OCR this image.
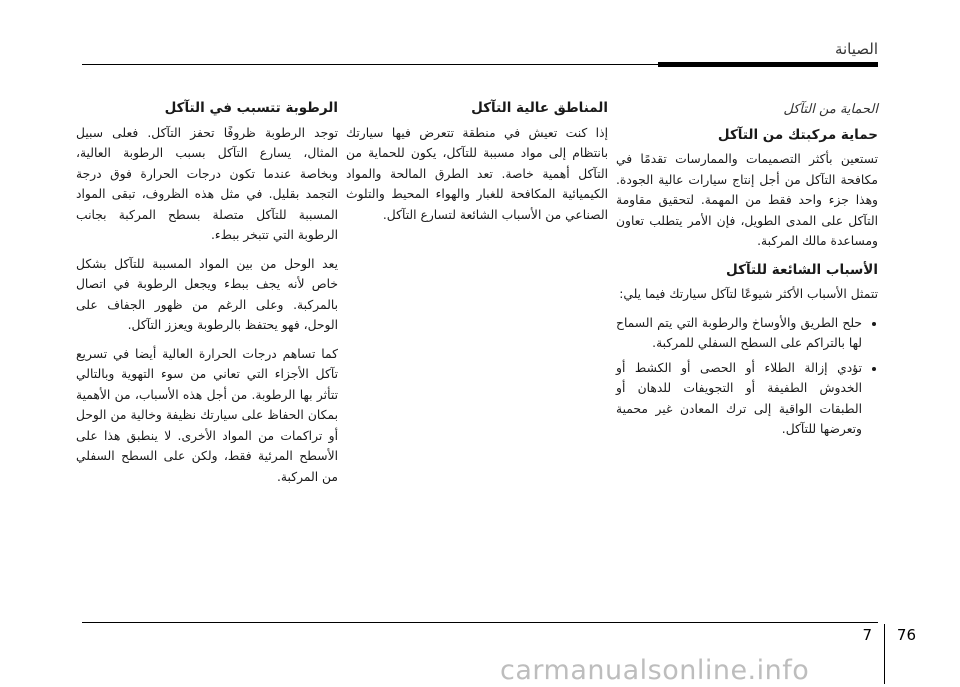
الصيانة
الحماية من التآكل
حماية مركبتك من التآكل

تستعين بأكثر التصميمات والممارسات تقدمًا في مكافحة التآكل من أجل إنتاج سيارات عالية الجودة. وهذا جزء واحد فقط من المهمة. لتحقيق مقاومة التآكل على المدى الطويل، فإن الأمر يتطلب تعاون ومساعدة مالك المركبة.

الأسباب الشائعة للتآكل

تتمثل الأسباب الأكثر شيوعًا لتآكل سيارتك فيما يلي:

• حلح الطريق والأوساخ والرطوبة التي يتم السماح لها بالتراكم على السطح السفلي للمركبة.
• تؤدي إزالة الطلاء أو الحصى أو الكشط أو الخدوش الطفيفة أو التجويفات للدهان أو الطبقات الواقية إلى ترك المعادن غير محمية وتعرضها للتآكل.
المناطق عالية التآكل

إذا كنت تعيش في منطقة تتعرض فيها سيارتك بانتظام إلى مواد مسببة للتآكل، يكون للحماية من التآكل أهمية خاصة. تعد الطرق المالحة والمواد الكيميائية المكافحة للغبار والهواء المحيط والتلوث الصناعي من الأسباب الشائعة لتسارع التآكل.

الرطوبة تتسبب في التآكل

توجد الرطوبة ظروفًا تحفز التآكل. فعلى سبيل المثال، يسارع التآكل بسبب الرطوبة العالية، وبخاصة عندما تكون درجات الحرارة فوق درجة التجمد بقليل. في مثل هذه الظروف، تبقى المواد المسببة للتآكل متصلة بسطح المركبة بجانب الرطوبة التي تتبخر ببطء.

يعد الوحل من بين المواد المسببة للتآكل بشكل خاص لأنه يجف ببطء ويجعل الرطوبة في اتصال بالمركبة. وعلى الرغم من ظهور الجفاف على الوحل، فهو يحتفظ بالرطوبة ويعزز التآكل.

كما تساهم درجات الحرارة العالية أيضا في تسريع تآكل الأجزاء التي تعاني من سوء التهوية وبالتالي تتأثر بها الرطوبة. من أجل هذه الأسباب، من الأهمية بمكان الحفاظ على سيارتك نظيفة وخالية من الوحل أو تراكمات من المواد الأخرى. لا ينطبق هذا على الأسطح المرئية فقط، ولكن على السطح السفلي من المركبة.

7 76
carmanualsonline.info
